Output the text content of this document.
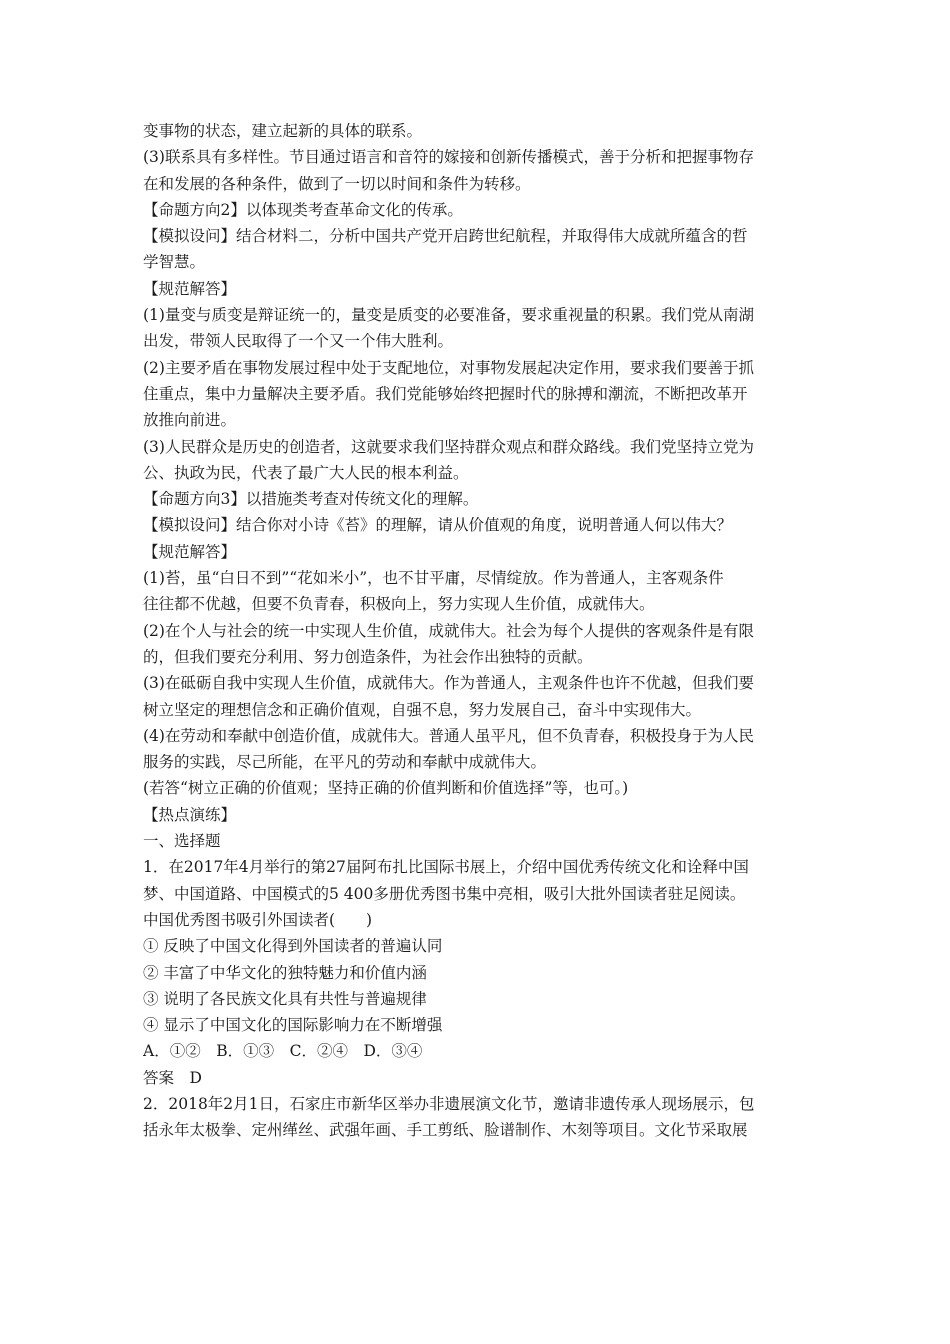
变事物的状态，建立起新的具体的联系。
(3)联系具有多样性。节目通过语言和音符的嫁接和创新传播模式，善于分析和把握事物存
在和发展的各种条件，做到了一切以时间和条件为转移。
【命题方向2】以体现类考查革命文化的传承。
【模拟设问】结合材料二，分析中国共产党开启跨世纪航程，并取得伟大成就所蕴含的哲
学智慧。
【规范解答】
(1)量变与质变是辩证统一的，量变是质变的必要准备，要求重视量的积累。我们党从南湖
出发，带领人民取得了一个又一个伟大胜利。
(2)主要矛盾在事物发展过程中处于支配地位，对事物发展起决定作用，要求我们要善于抓
住重点，集中力量解决主要矛盾。我们党能够始终把握时代的脉搏和潮流，不断把改革开
放推向前进。
(3)人民群众是历史的创造者，这就要求我们坚持群众观点和群众路线。我们党坚持立党为
公、执政为民，代表了最广大人民的根本利益。
【命题方向3】以措施类考查对传统文化的理解。
【模拟设问】结合你对小诗《苔》的理解，请从价值观的角度，说明普通人何以伟大？
【规范解答】
(1)苔，虽“白日不到”“花如米小”，也不甘平庸，尽情绽放。作为普通人，主客观条件
往往都不优越，但要不负青春，积极向上，努力实现人生价值，成就伟大。
(2)在个人与社会的统一中实现人生价值，成就伟大。社会为每个人提供的客观条件是有限
的，但我们要充分利用、努力创造条件，为社会作出独特的贡献。
(3)在砥砺自我中实现人生价值，成就伟大。作为普通人，主观条件也许不优越，但我们要
树立坚定的理想信念和正确价值观，自强不息，努力发展自己，奋斗中实现伟大。
(4)在劳动和奉献中创造价值，成就伟大。普通人虽平凡，但不负青春，积极投身于为人民
服务的实践，尽己所能，在平凡的劳动和奉献中成就伟大。
(若答“树立正确的价值观；坚持正确的价值判断和价值选择”等，也可。)
【热点演练】
一、选择题
1．在2017年4月举行的第27届阿布扎比国际书展上，介绍中国优秀传统文化和诠释中国
梦、中国道路、中国模式的5 400多册优秀图书集中亮相，吸引大批外国读者驻足阅读。
中国优秀图书吸引外国读者(　　)
① 反映了中国文化得到外国读者的普遍认同
② 丰富了中华文化的独特魅力和价值内涵
③ 说明了各民族文化具有共性与普遍规律
④ 显示了中国文化的国际影响力在不断增强
A．①②　B．①③　C．②④　D．③④
答案　D
2．2018年2月1日，石家庄市新华区举办非遗展演文化节，邀请非遗传承人现场展示，包
括永年太极拳、定州缂丝、武强年画、手工剪纸、脸谱制作、木刻等项目。文化节采取展
